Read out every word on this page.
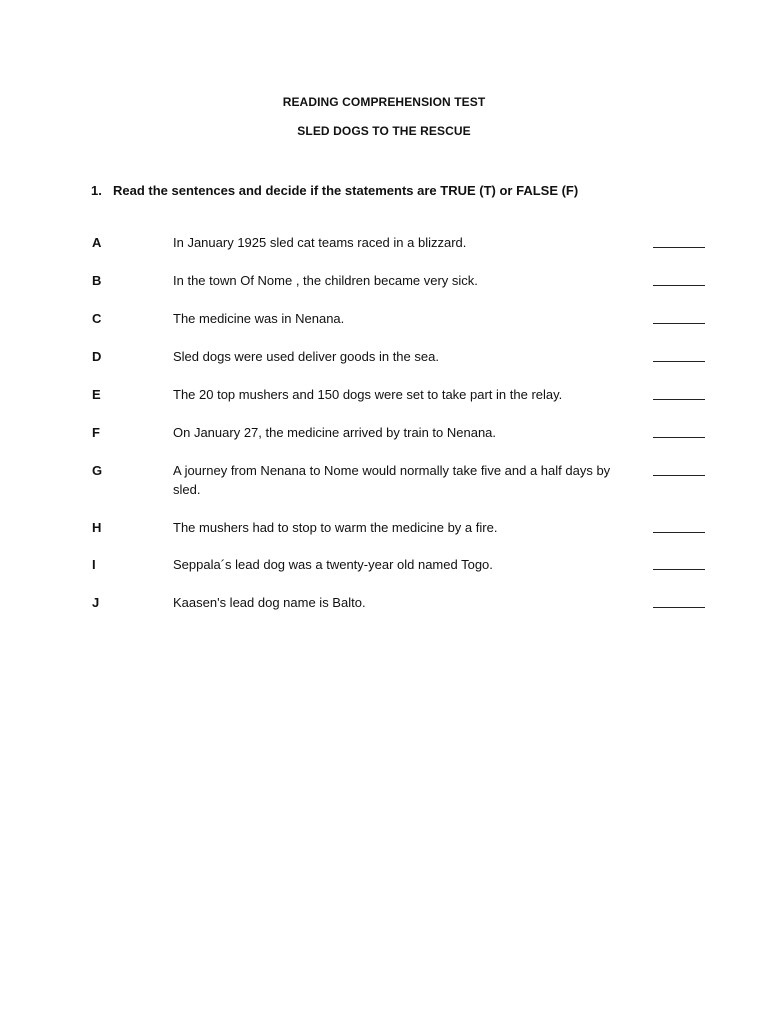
READING COMPREHENSION TEST
SLED DOGS TO THE RESCUE
1. Read the sentences and decide if the statements are TRUE (T) or FALSE (F)
A	In January 1925 sled cat teams raced in a blizzard.
B	In the town Of Nome , the children became very sick.
C	The medicine was in Nenana.
D	Sled dogs were used deliver goods in the sea.
E	The 20 top mushers and 150 dogs were set to take part in the relay.
F	On January 27, the medicine arrived by train to Nenana.
G	A journey from Nenana to Nome would normally take five and a half days by sled.
H	The mushers had to stop to warm the medicine by a fire.
I	Seppala´s lead dog was a twenty-year old named Togo.
J	Kaasen's lead dog name is Balto.
